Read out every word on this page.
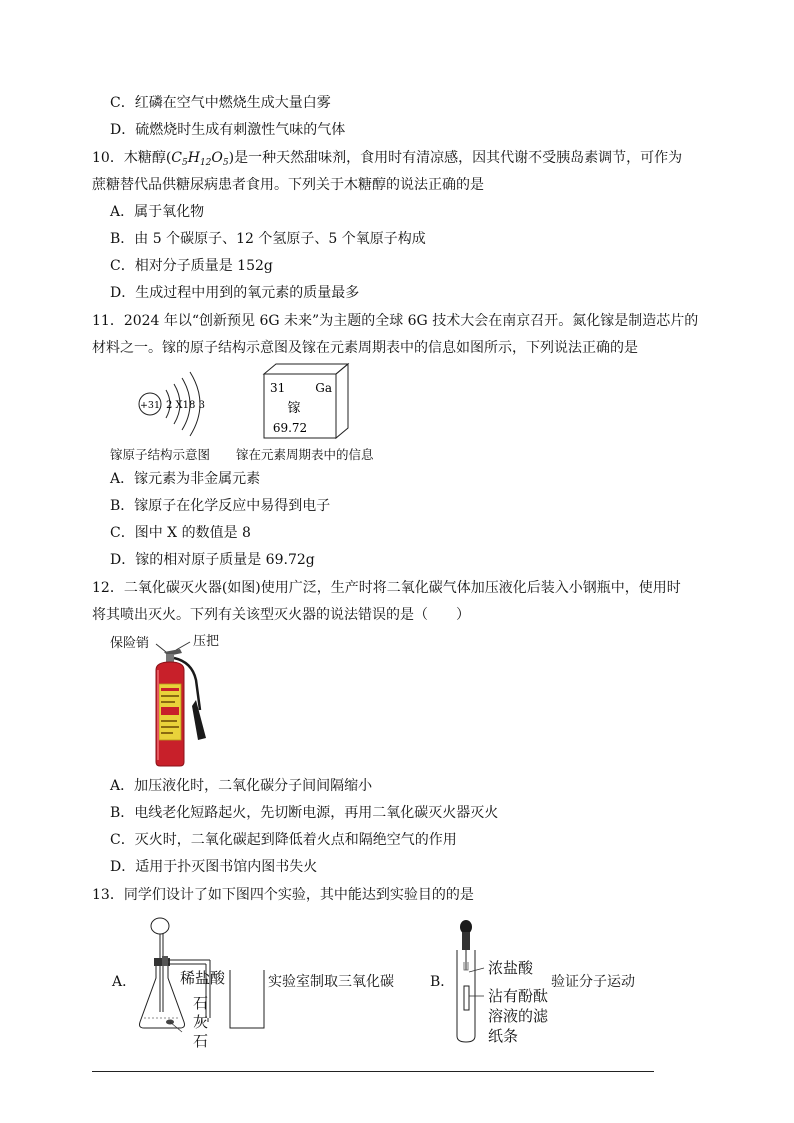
C．红磷在空气中燃烧生成大量白雾
D．硫燃烧时生成有刺激性气味的气体
10．木糖醇$(C_5H_{12}O_5)$是一种天然甜味剂，食用时有清凉感，因其代谢不受胰岛素调节，可作为
蔗糖替代品供糖尿病患者食用。下列关于木糖醇的说法正确的是
A．属于氧化物
B．由 5 个碳原子、12 个氢原子、5 个氧原子构成
C．相对分子质量是 152g
D．生成过程中用到的氧元素的质量最多
11．2024 年以“创新预见 6G 未来”为主题的全球 6G 技术大会在南京召开。氮化镓是制造芯片的
材料之一。镓的原子结构示意图及镓在元素周期表中的信息如图所示，下列说法正确的是
+31 2 X18 3
31 Ga
镓
69.72
镓原子结构示意图 镓在元素周期表中的信息
A．镓元素为非金属元素
B．镓原子在化学反应中易得到电子
C．图中 X 的数值是 8
D．镓的相对原子质量是 69.72g
12．二氧化碳灭火器(如图)使用广泛，生产时将二氧化碳气体加压液化后装入小钢瓶中，使用时
将其喷出灭火。下列有关该型灭火器的说法错误的是（　　）
保险销	压把
A．加压液化时，二氧化碳分子间间隔缩小
B．电线老化短路起火，先切断电源，再用二氧化碳灭火器灭火
C．灭火时，二氧化碳起到降低着火点和隔绝空气的作用
D．适用于扑灭图书馆内图书失火
13．同学们设计了如下图四个实验，其中能达到实验目的的是
A．	稀盐酸
石
灰
石
实验室制取三氧化碳	B．
浓盐酸
沾有酚酞
溶液的滤
纸条
验证分子运动
